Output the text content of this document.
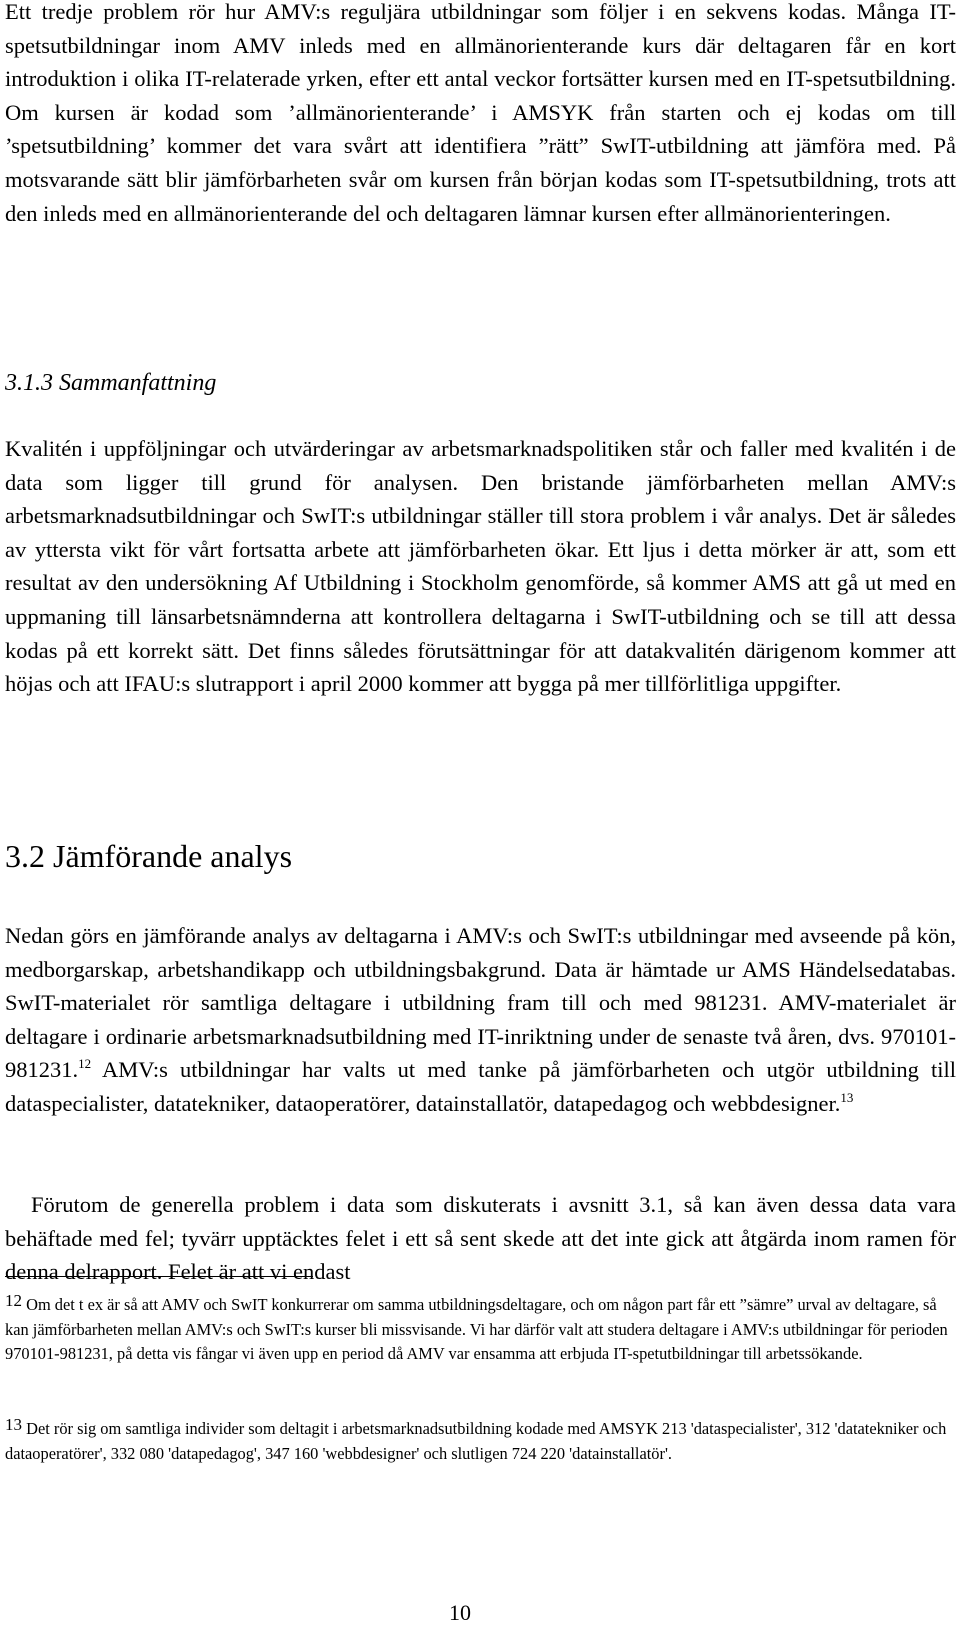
Ett tredje problem rör hur AMV:s reguljära utbildningar som följer i en sekvens kodas. Många IT-spetsutbildningar inom AMV inleds med en allmänorienterande kurs där deltagaren får en kort introduktion i olika IT-relaterade yrken, efter ett antal veckor fortsätter kursen med en IT-spetsutbildning. Om kursen är kodad som ’allmänorienterande’ i AMSYK från starten och ej kodas om till ’spetsutbildning’ kommer det vara svårt att identifiera ”rätt” SwIT-utbildning att jämföra med. På motsvarande sätt blir jämförbarheten svår om kursen från början kodas som IT-spetsutbildning, trots att den inleds med en allmänorienterande del och deltagaren lämnar kursen efter allmänorienteringen.

3.1.3 Sammanfattning

Kvalitén i uppföljningar och utvärderingar av arbetsmarknadspolitiken står och faller med kvalitén i de data som ligger till grund för analysen. Den bristande jämförbarheten mellan AMV:s arbetsmarknadsutbildningar och SwIT:s utbildningar ställer till stora problem i vår analys. Det är således av yttersta vikt för vårt fortsatta arbete att jämförbarheten ökar. Ett ljus i detta mörker är att, som ett resultat av den undersökning Af Utbildning i Stockholm genomförde, så kommer AMS att gå ut med en uppmaning till länsarbetsnämnderna att kontrollera deltagarna i SwIT-utbildning och se till att dessa kodas på ett korrekt sätt. Det finns således förutsättningar för att datakvalitén därigenom kommer att höjas och att IFAU:s slutrapport i april 2000 kommer att bygga på mer tillförlitliga uppgifter.

3.2 Jämförande analys

Nedan görs en jämförande analys av deltagarna i AMV:s och SwIT:s utbildningar med avseende på kön, medborgarskap, arbetshandikapp och utbildningsbakgrund. Data är hämtade ur AMS Händelsedatabas. SwIT-materialet rör samtliga deltagare i utbildning fram till och med 981231. AMV-materialet är deltagare i ordinarie arbetsmarknadsutbildning med IT-inriktning under de senaste två åren, dvs. 970101-981231.12 AMV:s utbildningar har valts ut med tanke på jämförbarheten och utgör utbildning till dataspecialister, datatekniker, dataoperatörer, datainstallatör, datapedagog och webbdesigner.$^{13}$

Förutom de generella problem i data som diskuterats i avsnitt 3.1, så kan även dessa data vara behäftade med fel; tyvärr upptäcktes felet i ett så sent skede att det inte gick att åtgärda inom ramen för denna delrapport. Felet är att vi endast

12 Om det t ex är så att AMV och SwIT konkurrerar om samma utbildningsdeltagare, och om någon part får ett ”sämre” urval av deltagare, så kan jämförbarheten mellan AMV:s och SwIT:s kurser bli missvisande. Vi har därför valt att studera deltagare i AMV:s utbildningar för perioden 970101-981231, på detta vis fångar vi även upp en period då AMV var ensamma att erbjuda IT-spetutbildningar till arbetssökande.

13 Det rör sig om samtliga individer som deltagit i arbetsmarknadsutbildning kodade med AMSYK 213 'dataspecialister', 312 'datatekniker och dataoperatörer', 332 080 'datapedagog', 347 160 'webbdesigner' och slutligen 724 220 'datainstallatör'.

10
